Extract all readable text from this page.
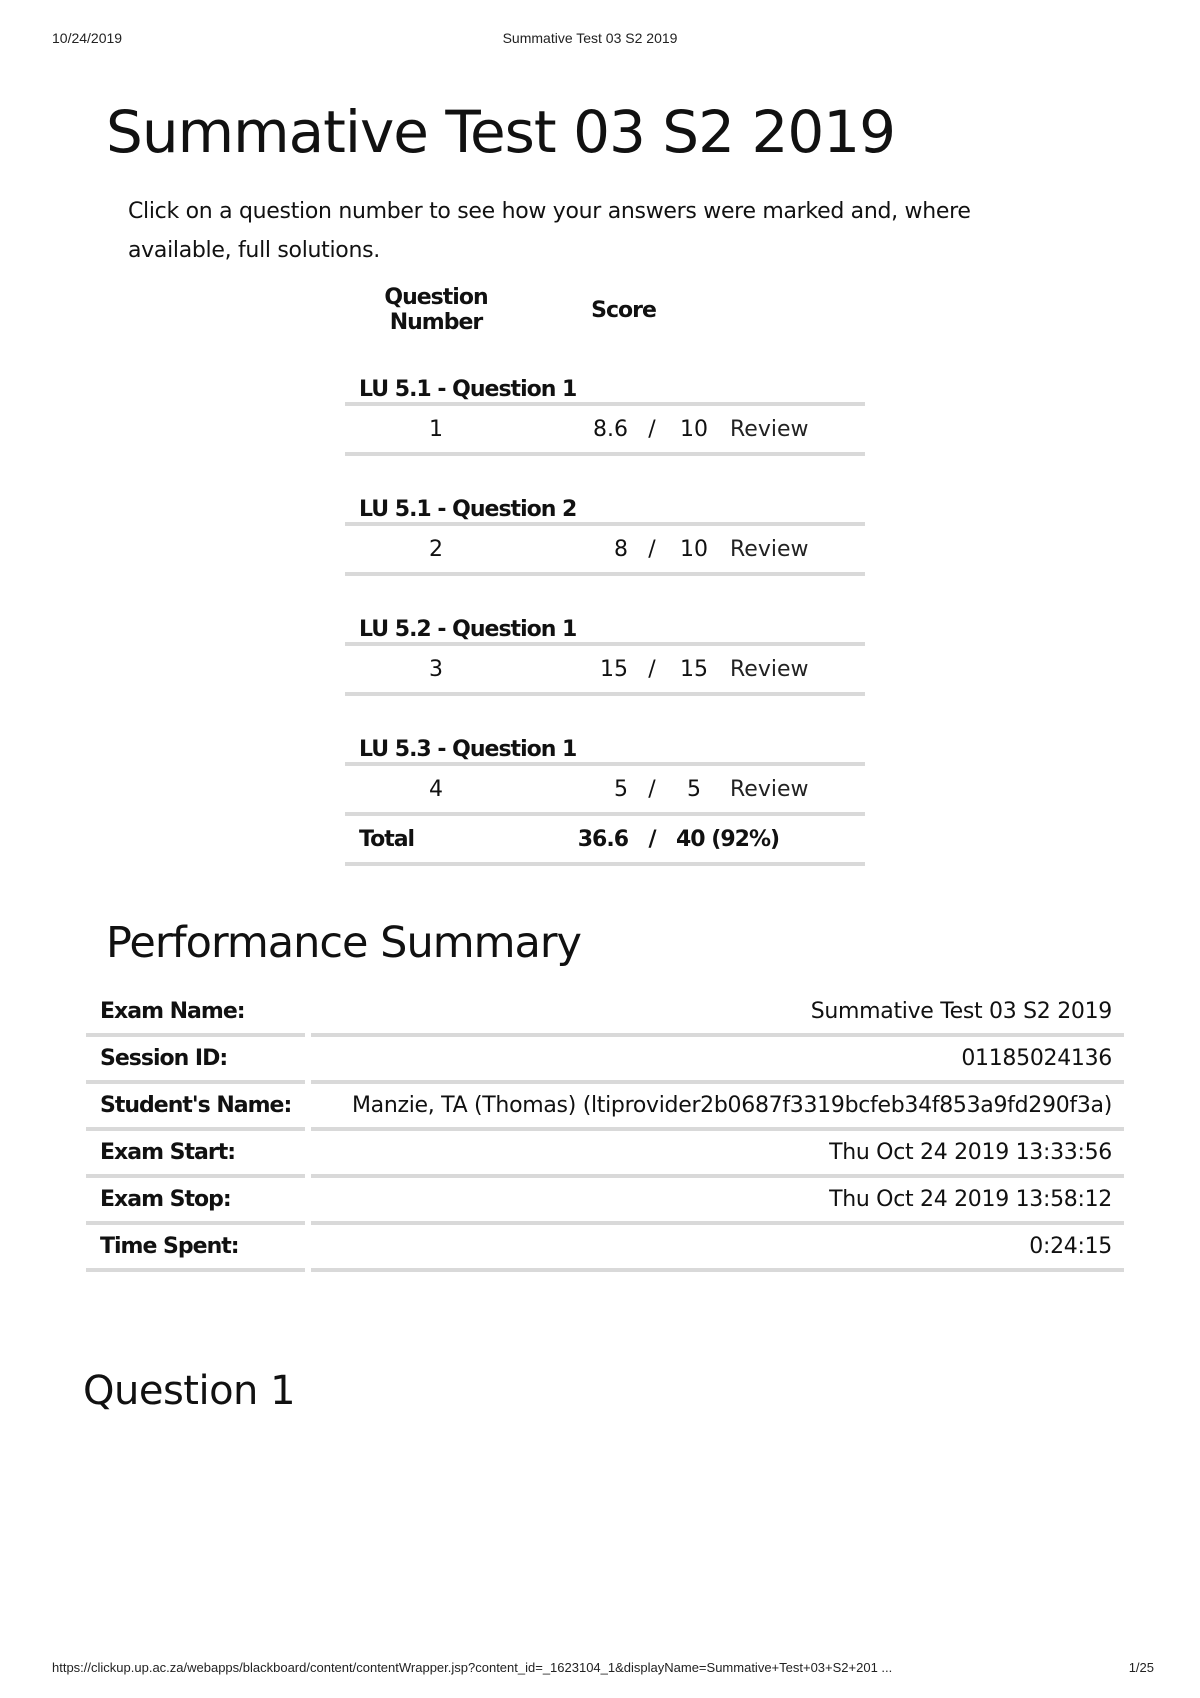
10/24/2019	Summative Test 03 S2 2019
Summative Test 03 S2 2019

Click on a question number to see how your answers were marked and, where available, full solutions.

Question Number	Score			
LU 5.1 - Question 1				
1	8.6	/	10	Review
LU 5.1 - Question 2				
2	8	/	10	Review
LU 5.2 - Question 1				
3	15	/	15	Review
LU 5.3 - Question 1				
4	5	/	5	Review
Total	36.6	/	40 (92%)	
Performance Summary
Exam Name:		Summative Test 03 S2 2019
Session ID:		01185024136
Student's Name:		Manzie, TA (Thomas) (ltiprovider2b0687f3319bcfeb34f853a9fd290f3a)
Exam Start:		Thu Oct 24 2019 13:33:56
Exam Stop:		Thu Oct 24 2019 13:58:12
Time Spent:		0:24:15
Question 1
https://clickup.up.ac.za/webapps/blackboard/content/contentWrapper.jsp?content_id=_1623104_1&displayName=Summative+Test+03+S2+201 ...	1/25
